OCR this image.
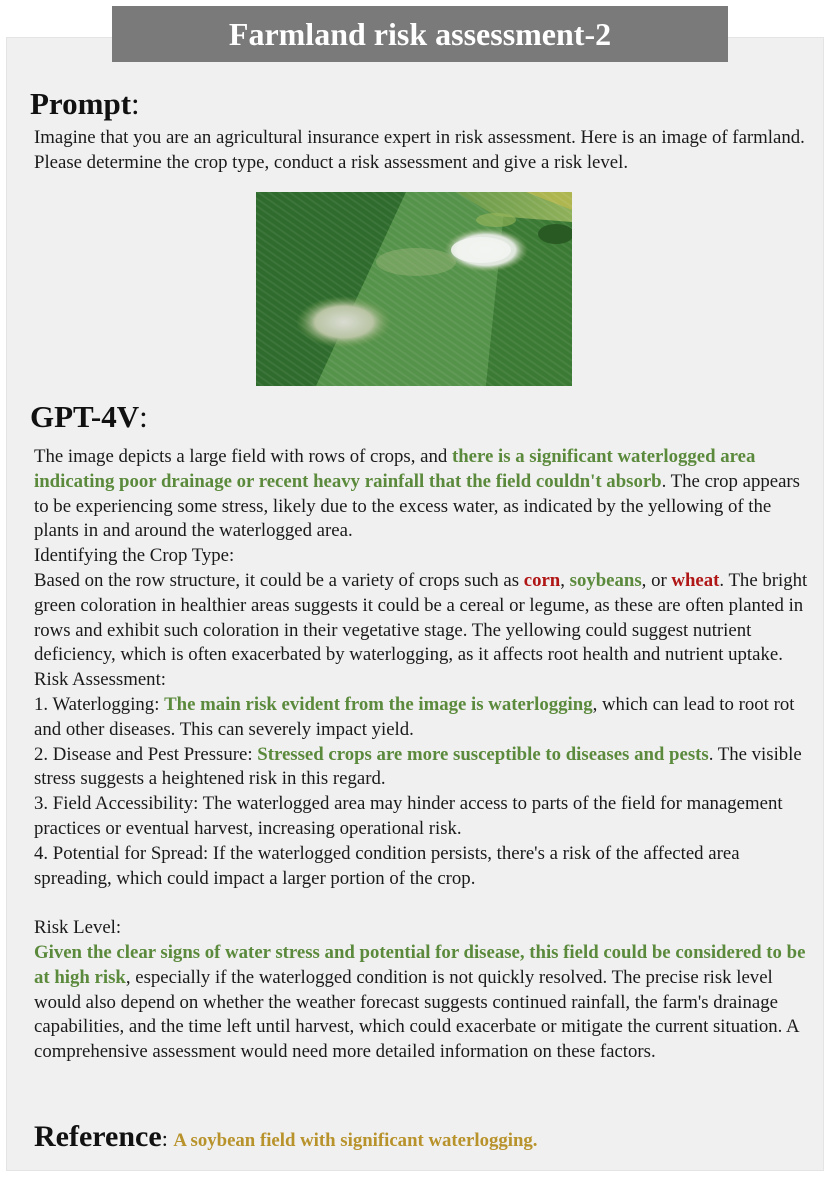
Farmland risk assessment-2
Prompt:
Imagine that you are an agricultural insurance expert in risk assessment. Here is an image of farmland. Please determine the crop type, conduct a risk assessment and give a risk level.
GPT-4V:

The image depicts a large field with rows of crops, and there is a significant waterlogged area indicating poor drainage or recent heavy rainfall that the field couldn't absorb. The crop appears to be experiencing some stress, likely due to the excess water, as indicated by the yellowing of the plants in and around the waterlogged area.

Identifying the Crop Type:

Based on the row structure, it could be a variety of crops such as corn, soybeans, or wheat. The bright green coloration in healthier areas suggests it could be a cereal or legume, as these are often planted in rows and exhibit such coloration in their vegetative stage. The yellowing could suggest nutrient deficiency, which is often exacerbated by waterlogging, as it affects root health and nutrient uptake.

Risk Assessment:

1. Waterlogging: The main risk evident from the image is waterlogging, which can lead to root rot and other diseases. This can severely impact yield.

2. Disease and Pest Pressure: Stressed crops are more susceptible to diseases and pests. The visible stress suggests a heightened risk in this regard.

3. Field Accessibility: The waterlogged area may hinder access to parts of the field for management practices or eventual harvest, increasing operational risk.

4. Potential for Spread: If the waterlogged condition persists, there's a risk of the affected area spreading, which could impact a larger portion of the crop.

Risk Level:

Given the clear signs of water stress and potential for disease, this field could be considered to be at high risk, especially if the waterlogged condition is not quickly resolved. The precise risk level would also depend on whether the weather forecast suggests continued rainfall, the farm's drainage capabilities, and the time left until harvest, which could exacerbate or mitigate the current situation. A comprehensive assessment would need more detailed information on these factors.

Reference: A soybean field with significant waterlogging.
